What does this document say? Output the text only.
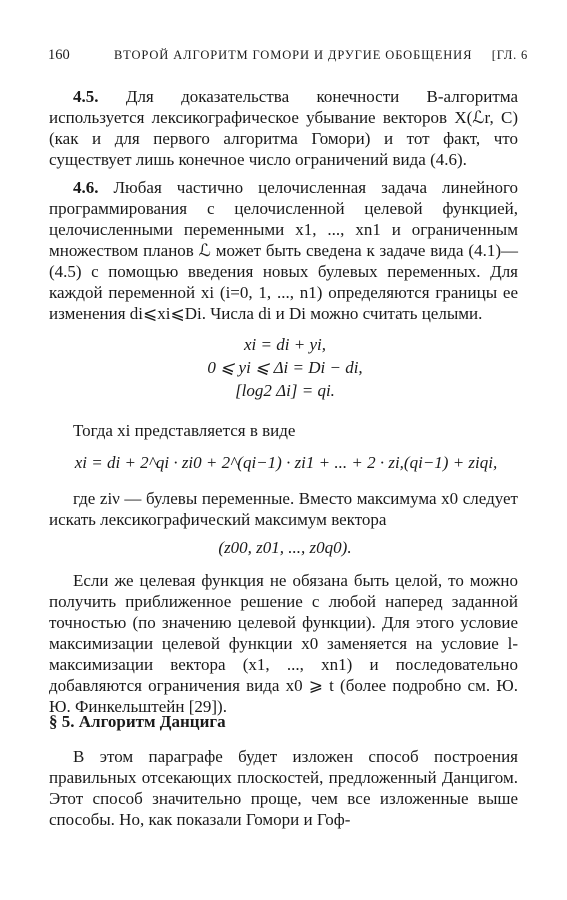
160	ВТОРОЙ АЛГОРИТМ ГОМОРИ И ДРУГИЕ ОБОБЩЕНИЯ [ГЛ. 6

4.5. Для доказательства конечности B-алгоритма используется лексикографическое убывание векторов X(ℒr, C) (как и для первого алгоритма Гомори) и тот факт, что существует лишь конечное число ограничений вида (4.6).

4.6. Любая частично целочисленная задача линейного программирования с целочисленной целевой функцией, целочисленными переменными x1, ..., xn1 и ограниченным множеством планов ℒ может быть сведена к задаче вида (4.1)—(4.5) с помощью введения новых булевых переменных. Для каждой переменной xi (i=0, 1, ..., n1) определяются границы ее изменения di⩽xi⩽Di. Числа di и Di можно считать целыми.

xi = di + yi,
0 ⩽ yi ⩽ Δi = Di − di,
[log2 Δi] = qi.

Тогда xi представляется в виде

xi = di + 2^qi · zi0 + 2^(qi−1) · zi1 + ... + 2 · zi,(qi−1) + ziqi,

где ziν — булевы переменные. Вместо максимума x0 следует искать лексикографический максимум вектора

(z00, z01, ..., z0q0).

Если же целевая функция не обязана быть целой, то можно получить приближенное решение с любой наперед заданной точностью (по значению целевой функции). Для этого условие максимизации целевой функции x0 заменяется на условие l-максимизации вектора (x1, ..., xn1) и последовательно добавляются ограничения вида x0 ⩾ t (более подробно см. Ю. Ю. Финкельштейн [29]).

§ 5. Алгоритм Данцига

В этом параграфе будет изложен способ построения правильных отсекающих плоскостей, предложенный Данцигом. Этот способ значительно проще, чем все изложенные выше способы. Но, как показали Гомори и Гоф-
